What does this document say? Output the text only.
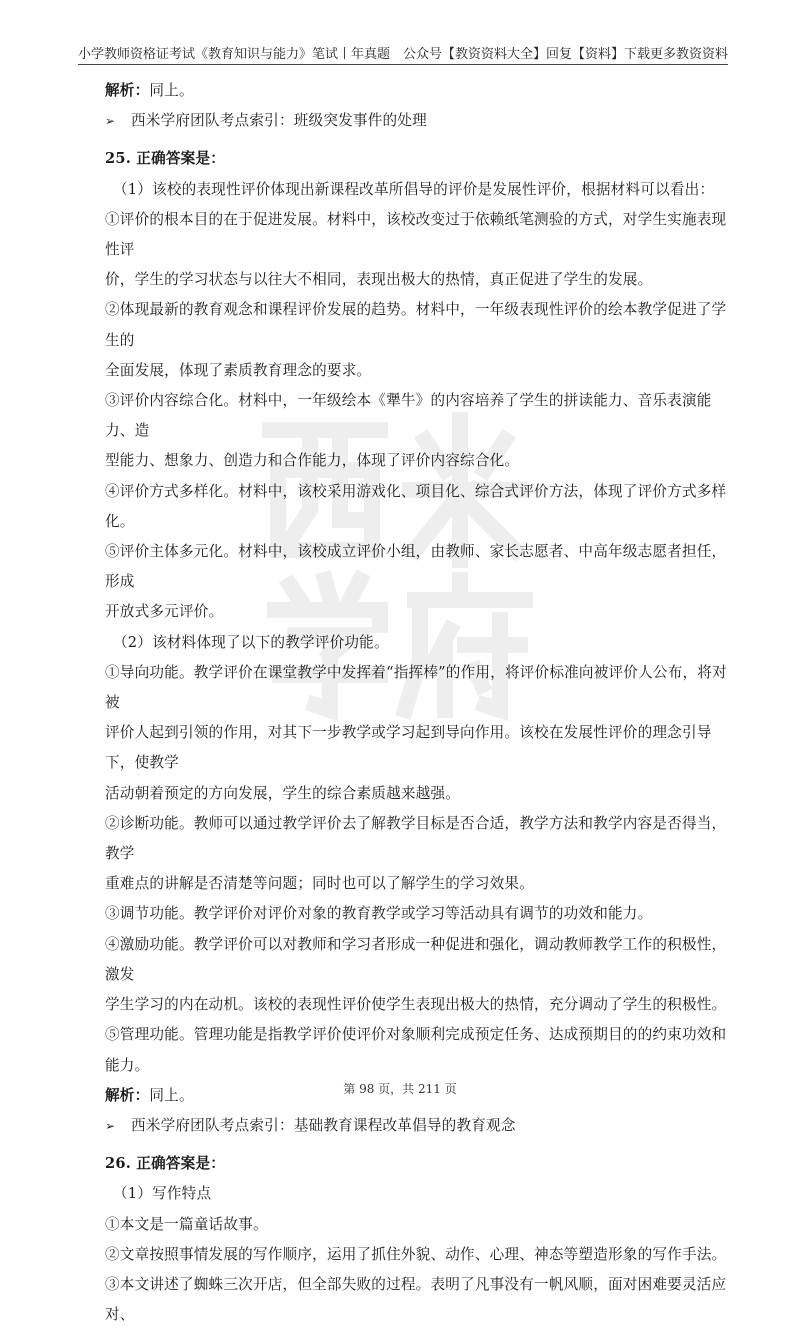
小学教师资格证考试《教育知识与能力》笔试丨年真题 公众号【教资资料大全】回复【资料】下载更多教资资料

解析：同上。

➢	西米学府团队考点索引：班级突发事件的处理

25. 正确答案是：

（1）该校的表现性评价体现出新课程改革所倡导的评价是发展性评价，根据材料可以看出：

①评价的根本目的在于促进发展。材料中，该校改变过于依赖纸笔测验的方式，对学生实施表现性评

价，学生的学习状态与以往大不相同，表现出极大的热情，真正促进了学生的发展。

②体现最新的教育观念和课程评价发展的趋势。材料中，一年级表现性评价的绘本教学促进了学生的

全面发展，体现了素质教育理念的要求。

③评价内容综合化。材料中，一年级绘本《犟牛》的内容培养了学生的拼读能力、音乐表演能力、造

型能力、想象力、创造力和合作能力，体现了评价内容综合化。

④评价方式多样化。材料中，该校采用游戏化、项目化、综合式评价方法，体现了评价方式多样化。

⑤评价主体多元化。材料中，该校成立评价小组，由教师、家长志愿者、中高年级志愿者担任，形成

开放式多元评价。

（2）该材料体现了以下的教学评价功能。

①导向功能。教学评价在课堂教学中发挥着“指挥棒”的作用，将评价标准向被评价人公布，将对被

评价人起到引领的作用，对其下一步教学或学习起到导向作用。该校在发展性评价的理念引导下，使教学

活动朝着预定的方向发展，学生的综合素质越来越强。

②诊断功能。教师可以通过教学评价去了解教学目标是否合适，教学方法和教学内容是否得当，教学

重难点的讲解是否清楚等问题；同时也可以了解学生的学习效果。

③调节功能。教学评价对评价对象的教育教学或学习等活动具有调节的功效和能力。

④激励功能。教学评价可以对教师和学习者形成一种促进和强化，调动教师教学工作的积极性，激发

学生学习的内在动机。该校的表现性评价使学生表现出极大的热情，充分调动了学生的积极性。

⑤管理功能。管理功能是指教学评价使评价对象顺利完成预定任务、达成预期目的的约束功效和能力。

解析：同上。

➢	西米学府团队考点索引：基础教育课程改革倡导的教育观念

26. 正确答案是：

（1）写作特点

①本文是一篇童话故事。

②文章按照事情发展的写作顺序，运用了抓住外貌、动作、心理、神态等塑造形象的写作手法。

③本文讲述了蜘蛛三次开店，但全部失败的过程。表明了凡事没有一帆风顺，面对困难要灵活应对、

第 98 页，共 211 页
